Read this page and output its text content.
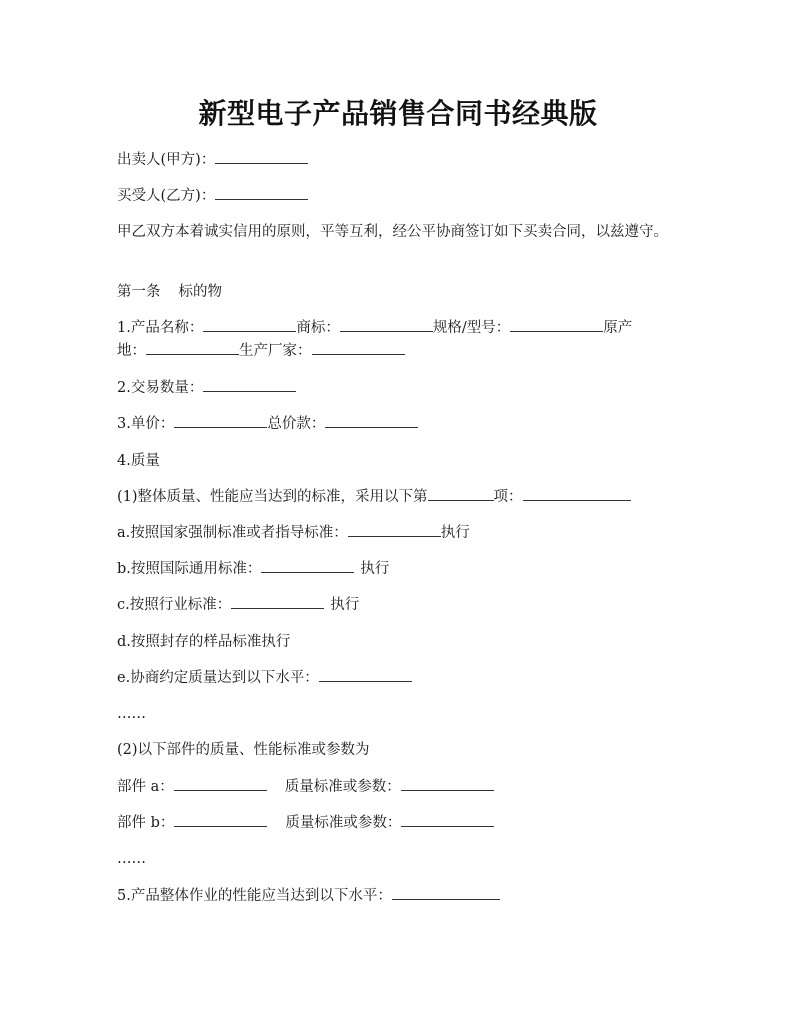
新型电子产品销售合同书经典版
出卖人(甲方)：
买受人(乙方)：
甲乙双方本着诚实信用的原则，平等互利，经公平协商签订如下买卖合同，以兹遵守。
第一条 标的物
1.产品名称：	商标：	规格/型号：	原产
地：	生产厂家：
2.交易数量：
3.单价：	总价款：
4.质量
(1)整体质量、性能应当达到的标准，采用以下第	项：
a.按照国家强制标准或者指导标准：	执行
b.按照国际通用标准：	执行
c.按照行业标准：	执行
d.按照封存的样品标准执行
e.协商约定质量达到以下水平：
……
(2)以下部件的质量、性能标准或参数为
部件 a：	质量标准或参数：
部件 b：	质量标准或参数：
……
5.产品整体作业的性能应当达到以下水平：
